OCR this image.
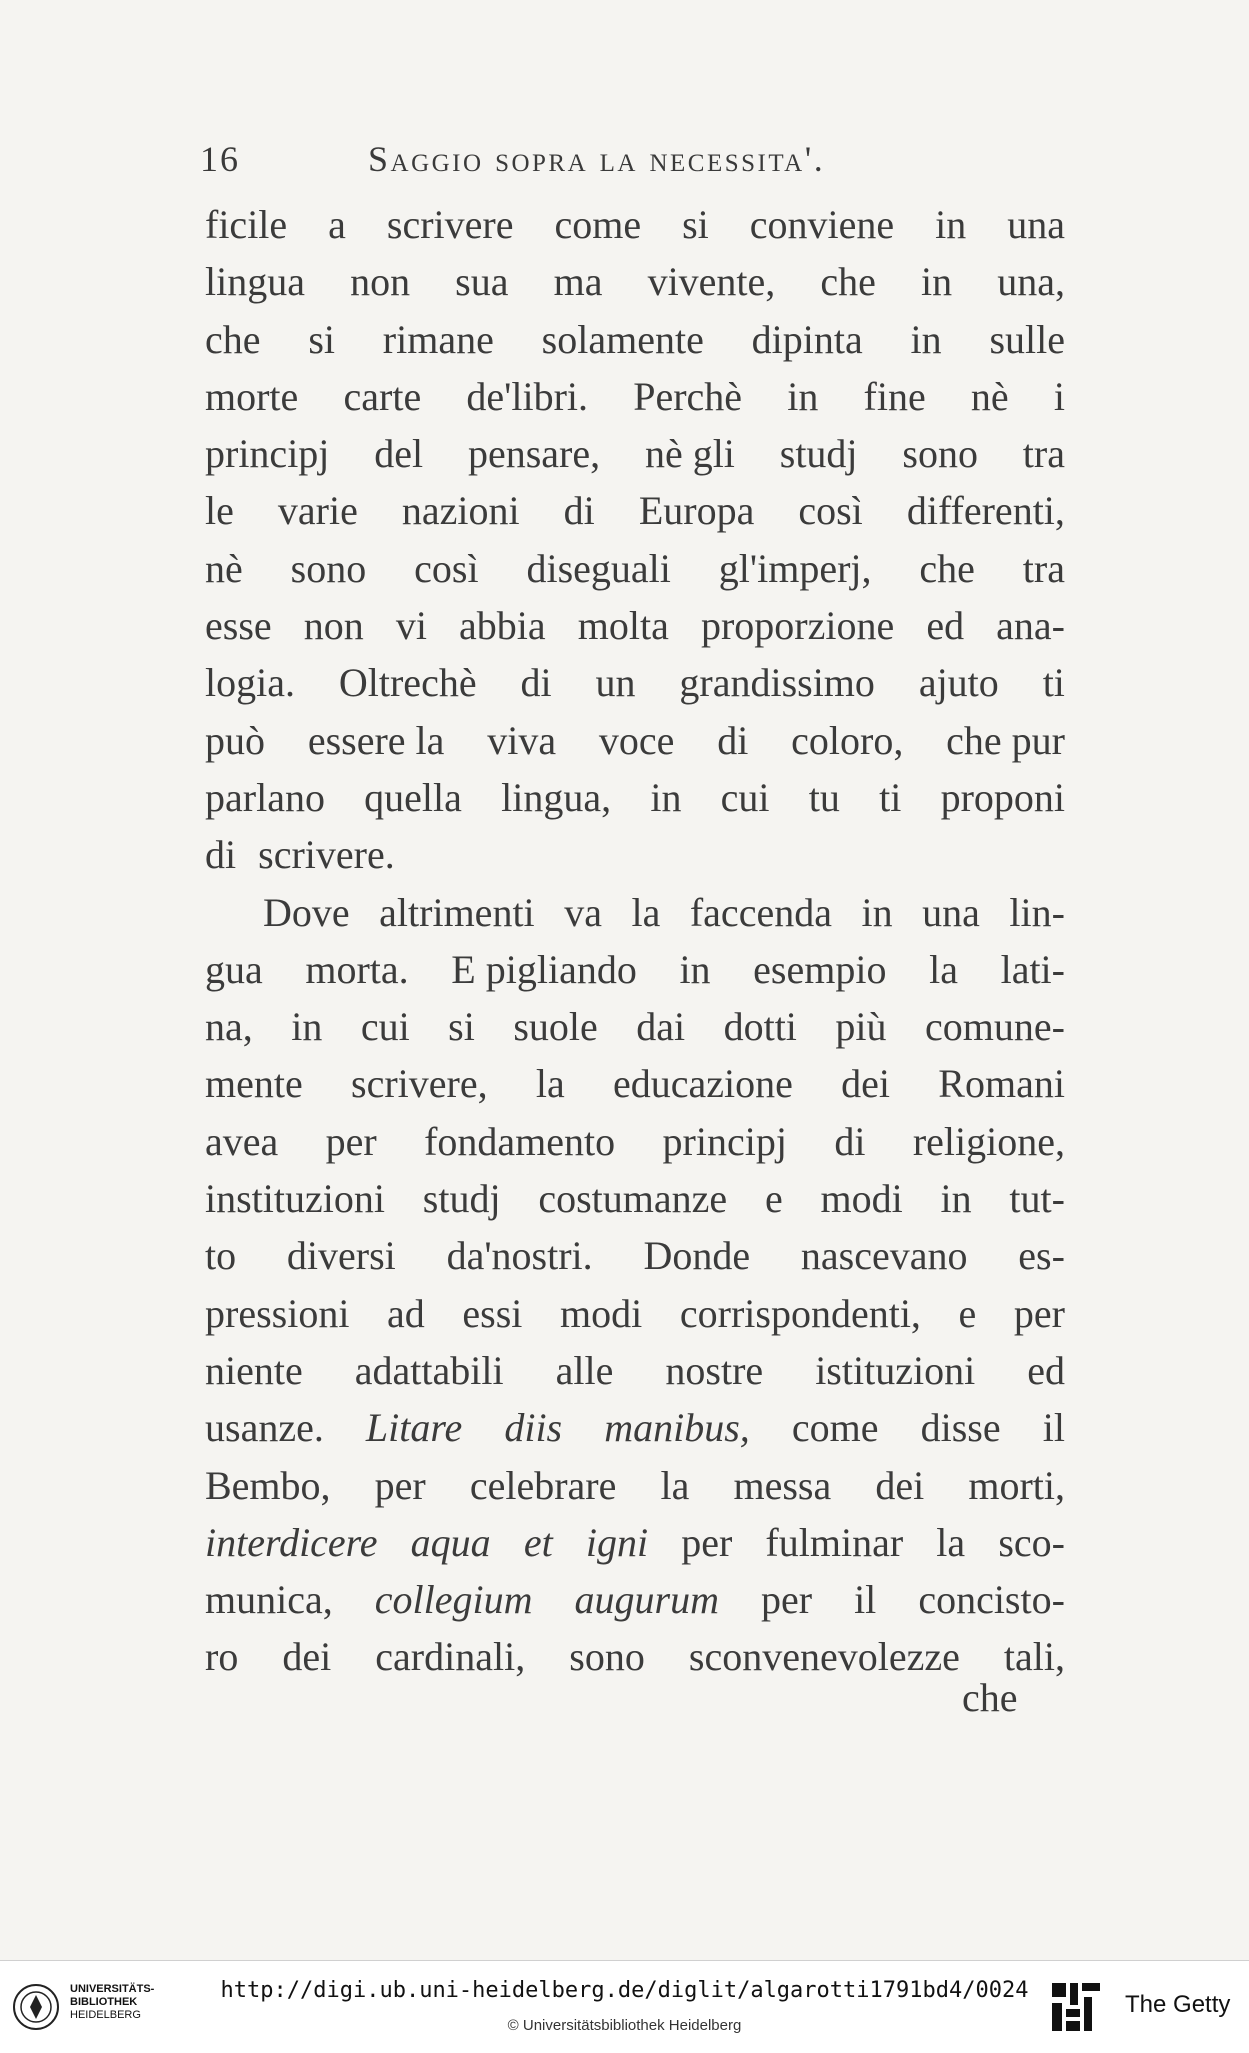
16	Saggio sopra la necessita'.
ficile a scrivere come si conviene in una
lingua non sua ma vivente, che in una,
che si rimane solamente dipinta in sulle
morte carte de'libri. Perchè in fine nè i
principj del pensare, nè gli studj sono tra
le varie nazioni di Europa così differenti,
nè sono così diseguali gl'imperj, che tra
esse non vi abbia molta proporzione ed ana-
logia. Oltrechè di un grandissimo ajuto ti
può essere la viva voce di coloro, che pur
parlano quella lingua, in cui tu ti proponi
di scrivere.
Dove altrimenti va la faccenda in una lin-
gua morta. E pigliando in esempio la lati-
na, in cui si suole dai dotti più comune-
mente scrivere, la educazione dei Romani
avea per fondamento principj di religione,
instituzioni studj costumanze e modi in tut-
to diversi da'nostri. Donde nascevano es-
pressioni ad essi modi corrispondenti, e per
niente adattabili alle nostre istituzioni ed
usanze. Litare diis manibus, come disse il
Bembo, per celebrare la messa dei morti,
interdicere aqua et igni per fulminar la sco-
munica, collegium augurum per il concisto-
ro dei cardinali, sono sconvenevolezze tali,
che
UNIVERSITÄTS-
BIBLIOTHEK
HEIDELBERG
http://digi.ub.uni-heidelberg.de/diglit/algarotti1791bd4/0024
© Universitätsbibliothek Heidelberg
The Getty
